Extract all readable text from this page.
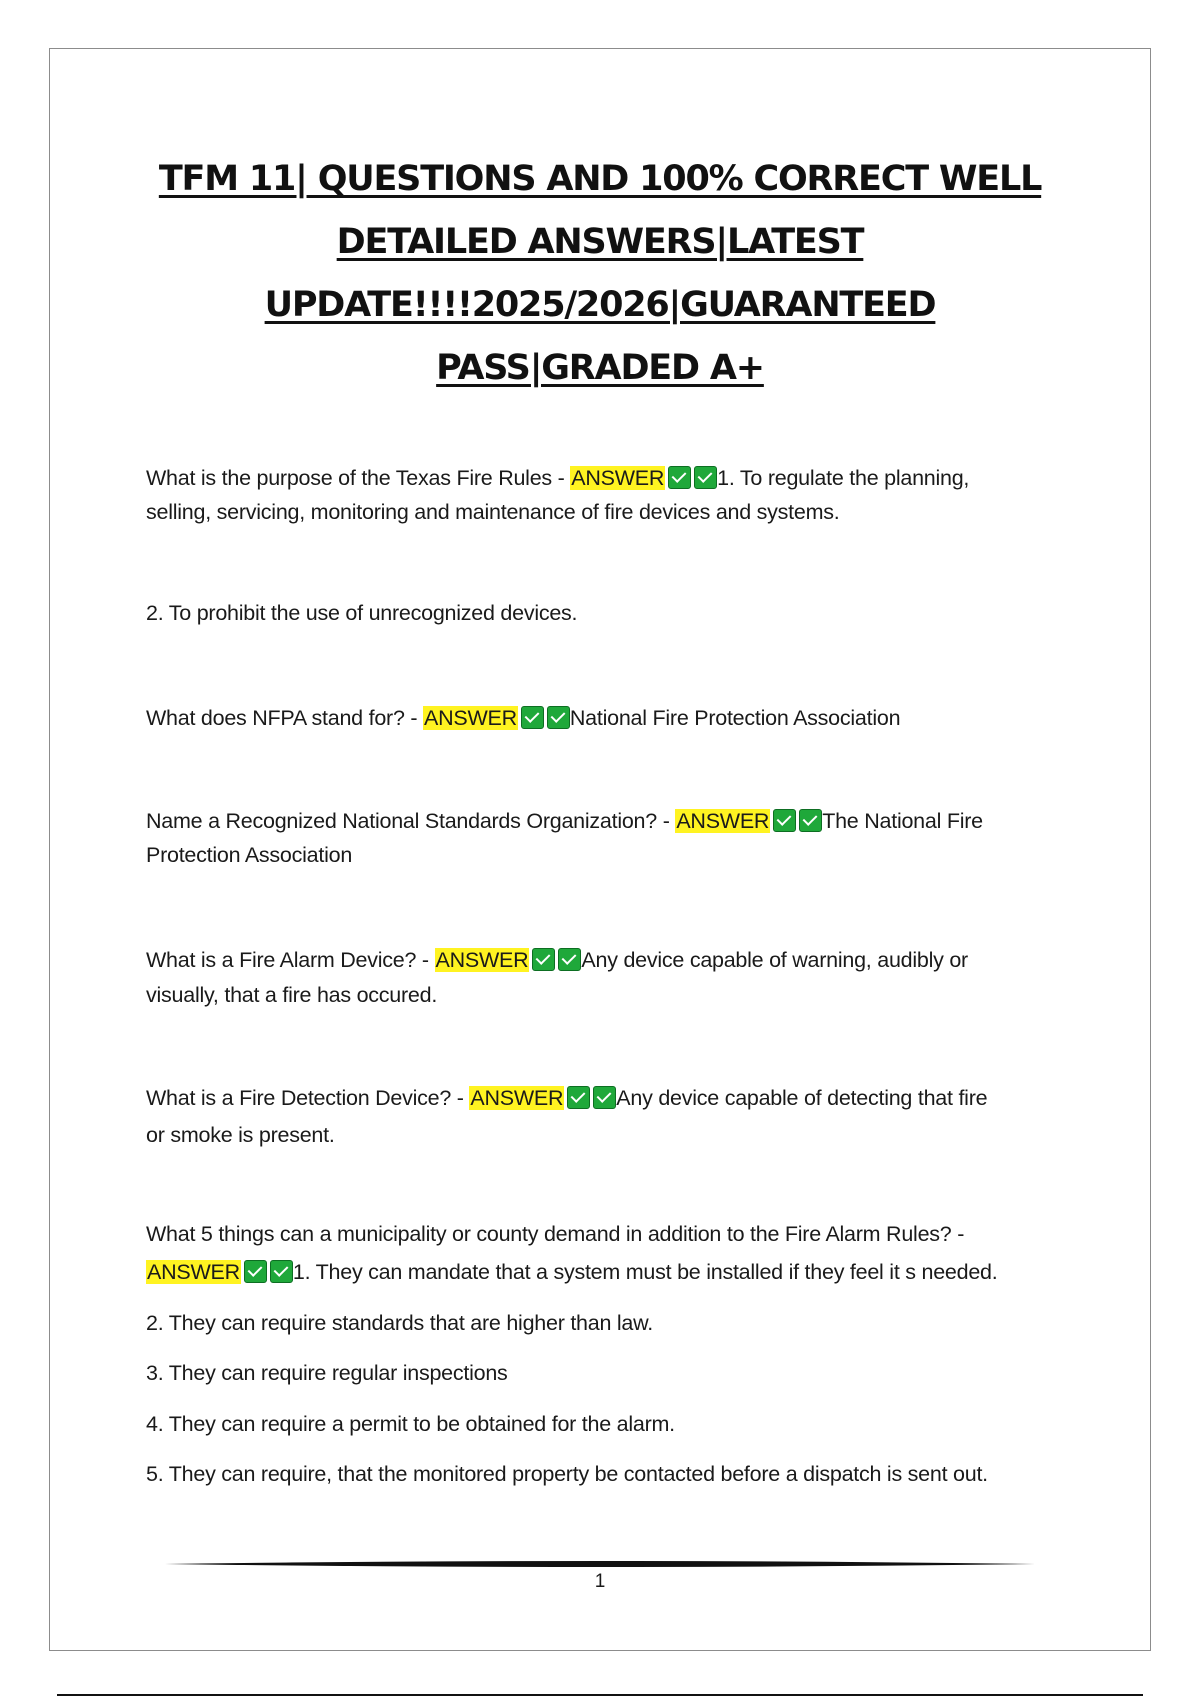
TFM 11| QUESTIONS AND 100% CORRECT WELL
DETAILED ANSWERS|LATEST
UPDATE!!!!2025/2026|GUARANTEED
PASS|GRADED A+
What is the purpose of the Texas Fire Rules - ANSWER 1. To regulate the planning,
selling, servicing, monitoring and maintenance of fire devices and systems.
2. To prohibit the use of unrecognized devices.
What does NFPA stand for? - ANSWER National Fire Protection Association
Name a Recognized National Standards Organization? - ANSWER The National Fire
Protection Association
What is a Fire Alarm Device? - ANSWER Any device capable of warning, audibly or
visually, that a fire has occured.
What is a Fire Detection Device? - ANSWER Any device capable of detecting that fire
or smoke is present.
What 5 things can a municipality or county demand in addition to the Fire Alarm Rules? -
ANSWER 1. They can mandate that a system must be installed if they feel it s needed.
2. They can require standards that are higher than law.
3. They can require regular inspections
4. They can require a permit to be obtained for the alarm.
5. They can require, that the monitored property be contacted before a dispatch is sent out.
1
